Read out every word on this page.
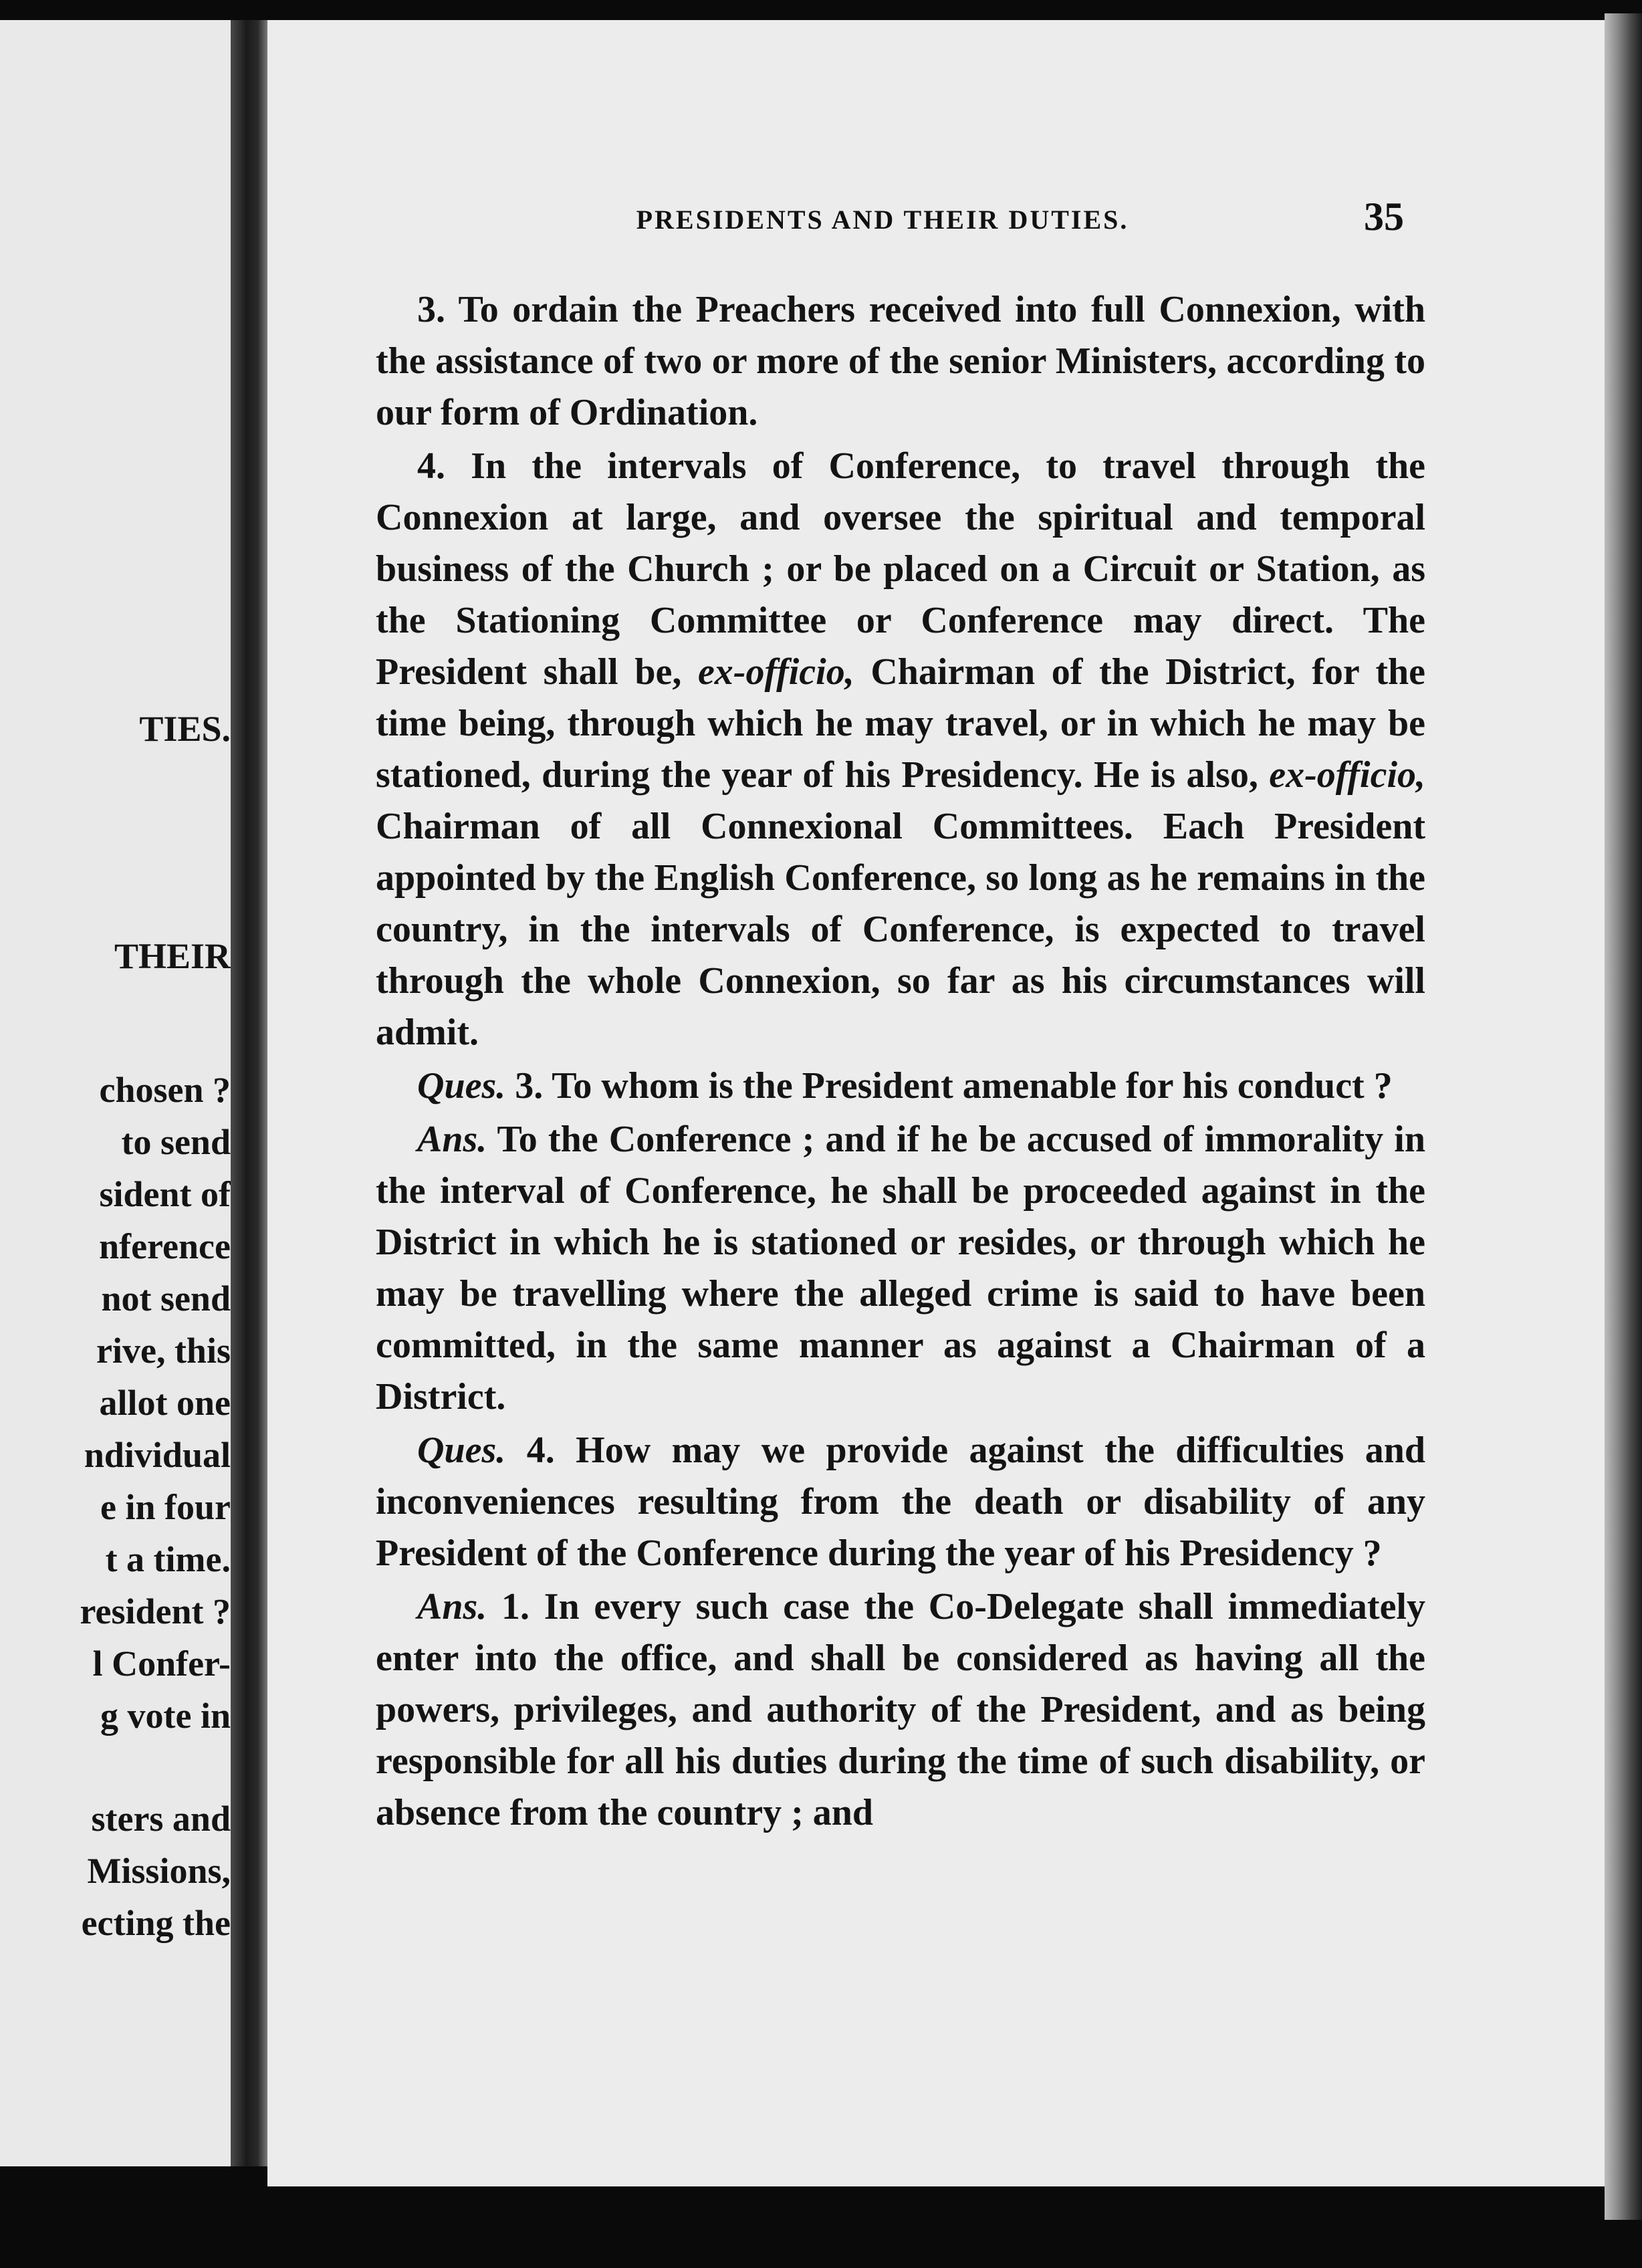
TIES.
THEIR
chosen ?
to send
sident of
nference
not send
rive, this
allot one
ndividual
e in four
t a time.
resident ?
l Confer-
g vote in
sters and
Missions,
ecting the
PRESIDENTS AND THEIR DUTIES.	35

3. To ordain the Preachers received into full Connexion, with the assistance of two or more of the senior Ministers, according to our form of Ordination.

4. In the intervals of Conference, to travel through the Connexion at large, and oversee the spiritual and temporal business of the Church ; or be placed on a Circuit or Station, as the Stationing Committee or Conference may direct. The President shall be, ex-officio, Chairman of the District, for the time being, through which he may travel, or in which he may be stationed, during the year of his Presidency. He is also, ex-officio, Chairman of all Connexional Committees. Each President appointed by the English Conference, so long as he remains in the country, in the intervals of Conference, is expected to travel through the whole Connexion, so far as his circumstances will admit.

Ques. 3. To whom is the President amenable for his conduct ?

Ans. To the Conference ; and if he be accused of immorality in the interval of Conference, he shall be proceeded against in the District in which he is stationed or resides, or through which he may be travelling where the alleged crime is said to have been committed, in the same manner as against a Chairman of a District.

Ques. 4. How may we provide against the difficulties and inconveniences resulting from the death or disability of any President of the Conference during the year of his Presidency ?

Ans. 1. In every such case the Co-Delegate shall immediately enter into the office, and shall be considered as having all the powers, privileges, and authority of the President, and as being responsible for all his duties during the time of such disability, or absence from the country ; and
